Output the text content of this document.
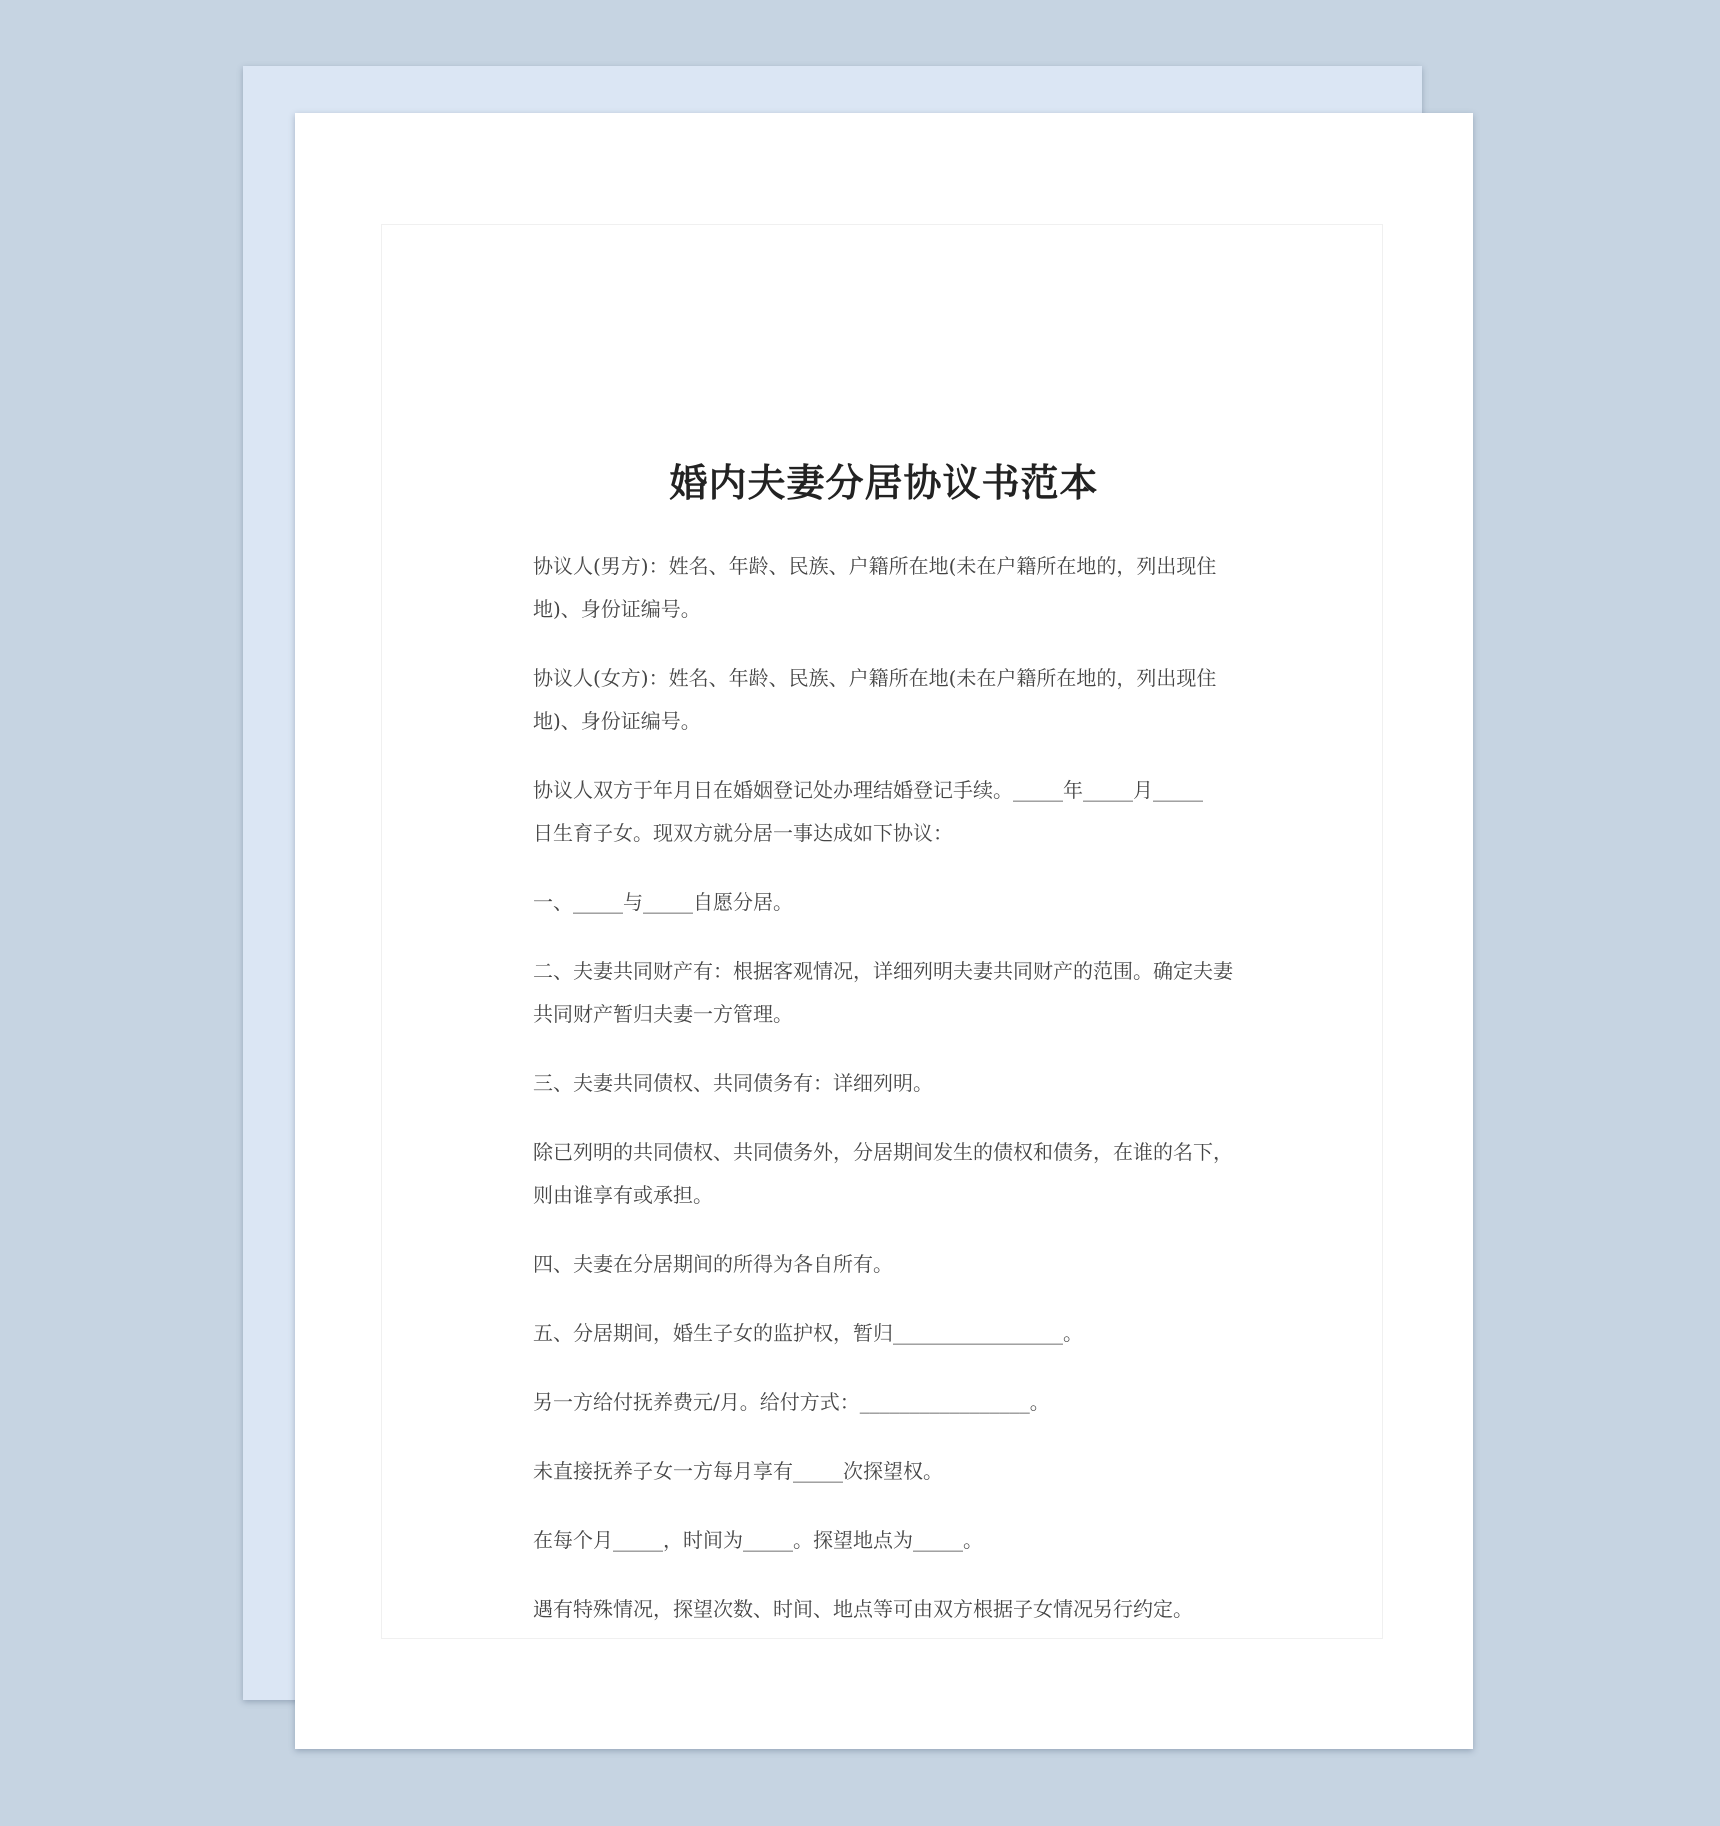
婚内夫妻分居协议书范本
协议人(男方)：姓名、年龄、民族、户籍所在地(未在户籍所在地的，列出现住
地)、身份证编号。
协议人(女方)：姓名、年龄、民族、户籍所在地(未在户籍所在地的，列出现住
地)、身份证编号。
协议人双方于年月日在婚姻登记处办理结婚登记手续。_____年_____月_____
日生育子女。现双方就分居一事达成如下协议：
一、_____与_____自愿分居。
二、夫妻共同财产有：根据客观情况，详细列明夫妻共同财产的范围。确定夫妻
共同财产暂归夫妻一方管理。
三、夫妻共同债权、共同债务有：详细列明。
除已列明的共同债权、共同债务外，分居期间发生的债权和债务，在谁的名下，
则由谁享有或承担。
四、夫妻在分居期间的所得为各自所有。
五、分居期间，婚生子女的监护权，暂归_________________。
另一方给付抚养费元/月。给付方式：_________________。
未直接抚养子女一方每月享有_____次探望权。
在每个月_____，时间为_____。探望地点为_____。
遇有特殊情况，探望次数、时间、地点等可由双方根据子女情况另行约定。
